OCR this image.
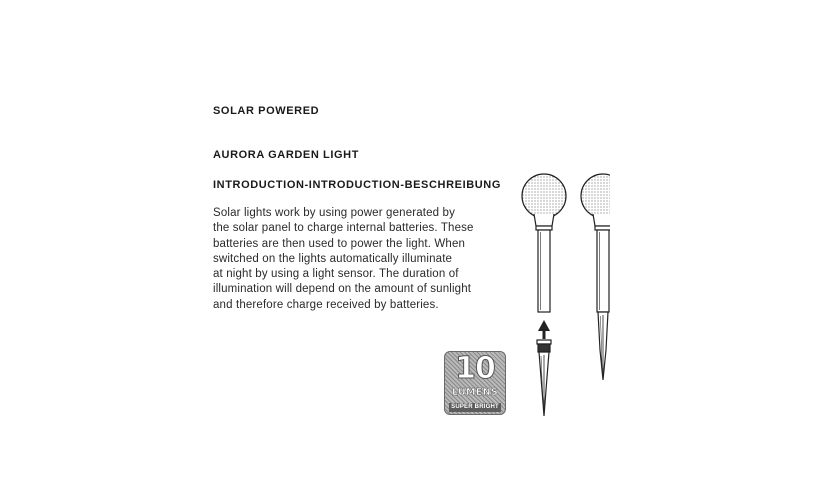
SOLAR POWERED
AURORA GARDEN LIGHT
INTRODUCTION-INTRODUCTION-BESCHREIBUNG
Solar lights work by using power generated by
the solar panel to charge internal batteries. These
batteries are then used to power the light. When
switched on the lights automatically illuminate
at night by using a light sensor. The duration of
illumination will depend on the amount of sunlight
and therefore charge received by batteries.
10
LUMENS
SUPER BRIGHT
